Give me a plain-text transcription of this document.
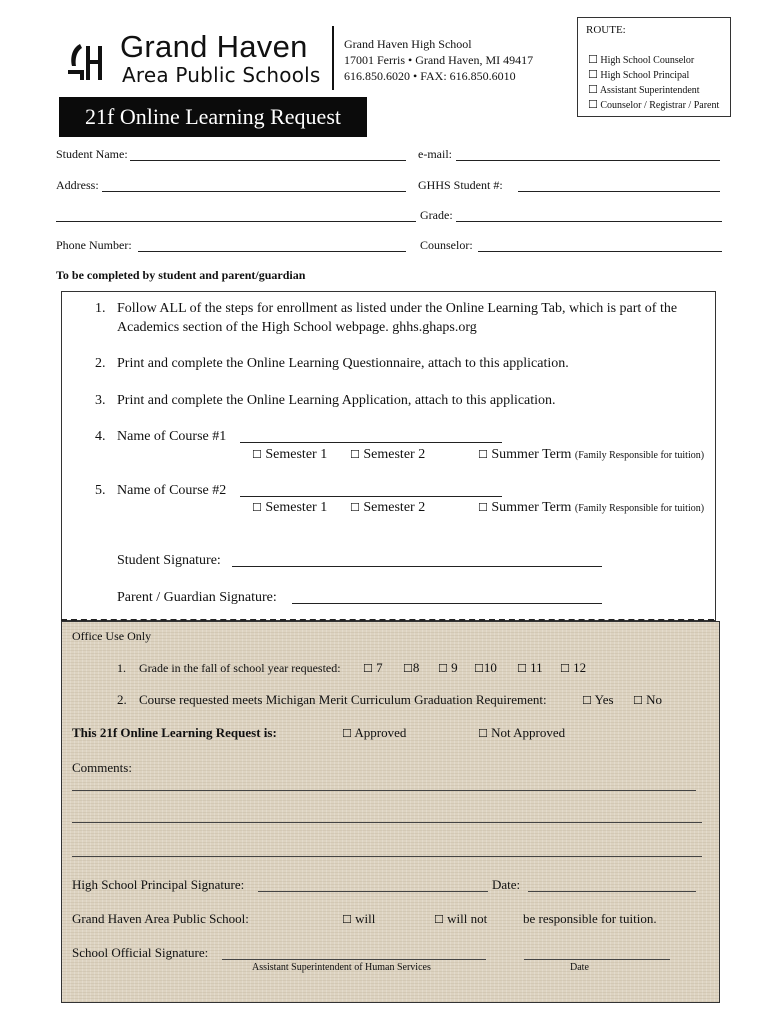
Grand Haven
Area Public Schools
Grand Haven High School
17001 Ferris • Grand Haven, MI 49417
616.850.6020 • FAX: 616.850.6010
ROUTE:
☐ High School Counselor
☐ High School Principal
☐ Assistant Superintendent
☐ Counselor / Registrar / Parent
21f Online Learning Request
Student Name:	e-mail:
Address:	GHHS Student #:
Grade:
Phone Number:	Counselor:
To be completed by student and parent/guardian
1. Follow ALL of the steps for enrollment as listed under the Online Learning Tab, which is part of the Academics section of the High School webpage. ghhs.ghaps.org
2. Print and complete the Online Learning Questionnaire, attach to this application.
3. Print and complete the Online Learning Application, attach to this application.
4. Name of Course #1
☐ Semester 1 ☐ Semester 2	☐ Summer Term (Family Responsible for tuition)
5. Name of Course #2
☐ Semester 1 ☐ Semester 2	☐ Summer Term (Family Responsible for tuition)
Student Signature:
Parent / Guardian Signature:
Office Use Only
1. Grade in the fall of school year requested: ☐ 7 ☐8 ☐ 9 ☐10 ☐ 11 ☐ 12
2. Course requested meets Michigan Merit Curriculum Graduation Requirement:	☐ Yes ☐ No
This 21f Online Learning Request is:	☐ Approved	☐ Not Approved
Comments:
High School Principal Signature:	Date:
Grand Haven Area Public School:	☐ will	☐ will not	be responsible for tuition.
School Official Signature:
Assistant Superintendent of Human Services	Date
